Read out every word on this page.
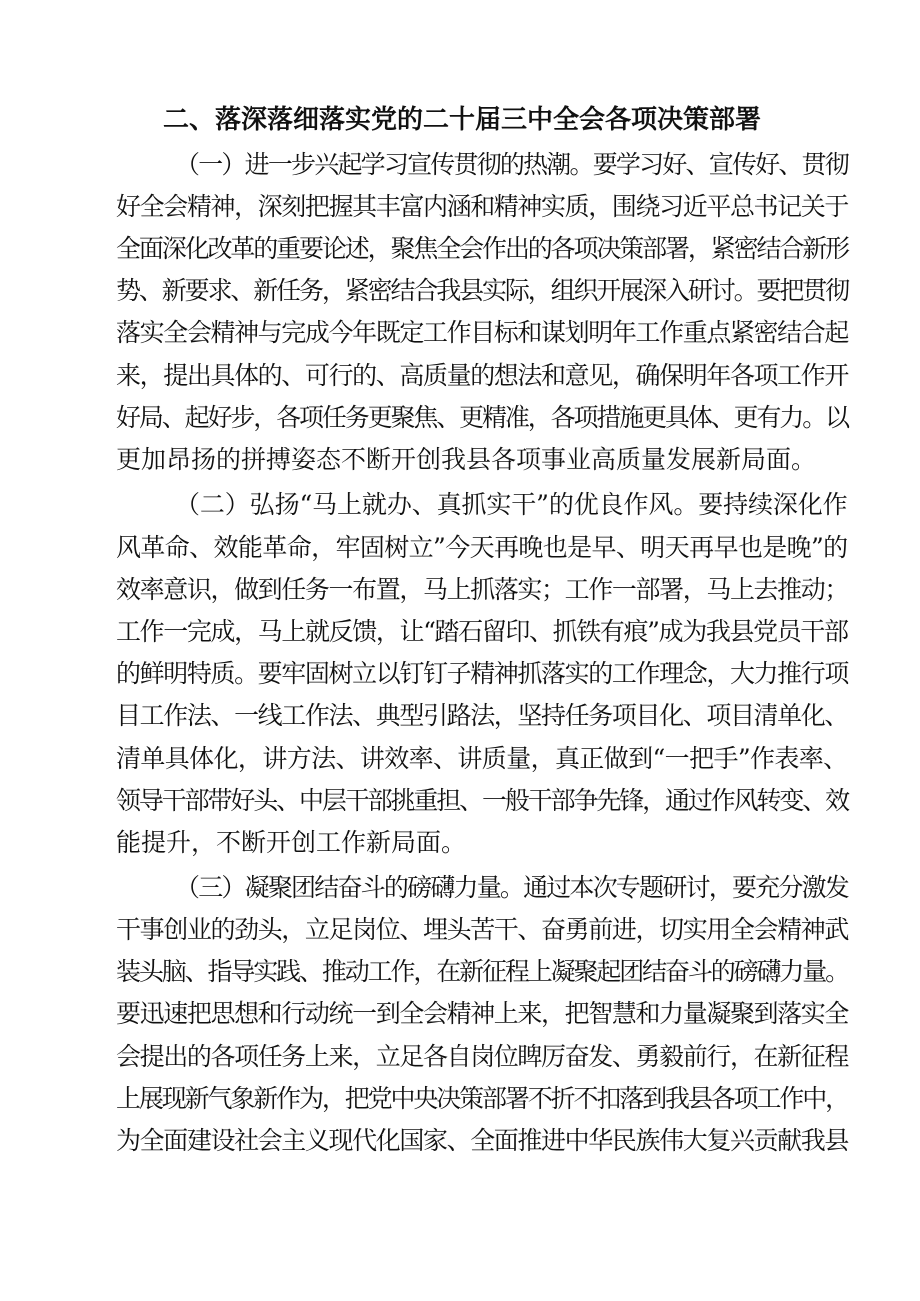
二、落深落细落实党的二十届三中全会各项决策部署
（一）进一步兴起学习宣传贯彻的热潮。要学习好、宣传好、贯彻
好全会精神，深刻把握其丰富内涵和精神实质，围绕习近平总书记关于
全面深化改革的重要论述，聚焦全会作出的各项决策部署，紧密结合新形
势、新要求、新任务，紧密结合我县实际，组织开展深入研讨。要把贯彻
落实全会精神与完成今年既定工作目标和谋划明年工作重点紧密结合起
来，提出具体的、可行的、高质量的想法和意见，确保明年各项工作开
好局、起好步，各项任务更聚焦、更精准，各项措施更具体、更有力。以
更加昂扬的拼搏姿态不断开创我县各项事业高质量发展新局面。
（二）弘扬“马上就办、真抓实干”的优良作风。要持续深化作
风革命、效能革命，牢固树立”今天再晚也是早、明天再早也是晚”的
效率意识，做到任务一布置，马上抓落实；工作一部署，马上去推动；
工作一完成，马上就反馈，让“踏石留印、抓铁有痕”成为我县党员干部
的鲜明特质。要牢固树立以钉钉子精神抓落实的工作理念，大力推行项
目工作法、一线工作法、典型引路法，坚持任务项目化、项目清单化、
清单具体化，讲方法、讲效率、讲质量，真正做到“一把手”作表率、
领导干部带好头、中层干部挑重担、一般干部争先锋，通过作风转变、效
能提升，不断开创工作新局面。
（三）凝聚团结奋斗的磅礴力量。通过本次专题研讨，要充分激发
干事创业的劲头，立足岗位、埋头苦干、奋勇前进，切实用全会精神武
装头脑、指导实践、推动工作，在新征程上凝聚起团结奋斗的磅礴力量。
要迅速把思想和行动统一到全会精神上来，把智慧和力量凝聚到落实全
会提出的各项任务上来，立足各自岗位睥厉奋发、勇毅前行，在新征程
上展现新气象新作为，把党中央决策部署不折不扣落到我县各项工作中，
为全面建设社会主义现代化国家、全面推进中华民族伟大复兴贡献我县
